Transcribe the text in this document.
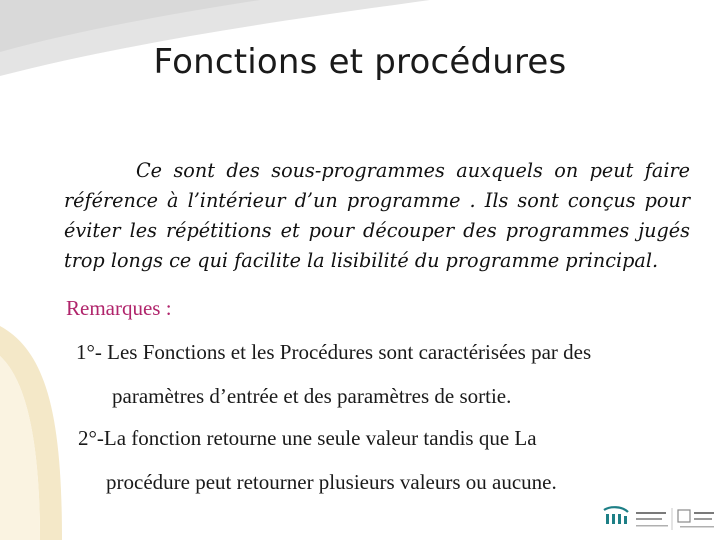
Fonctions et procédures

Ce sont des sous-programmes auxquels on peut faire référence à l’intérieur d’un programme . Ils sont conçus pour éviter les répétitions et pour découper des programmes jugés trop longs ce qui facilite la lisibilité du programme principal.

Remarques :

1°- Les Fonctions et les Procédures sont caractérisées par des

paramètres d’entrée et des paramètres de sortie.

2°-La fonction retourne une seule valeur tandis que La

procédure peut retourner plusieurs valeurs ou aucune.
